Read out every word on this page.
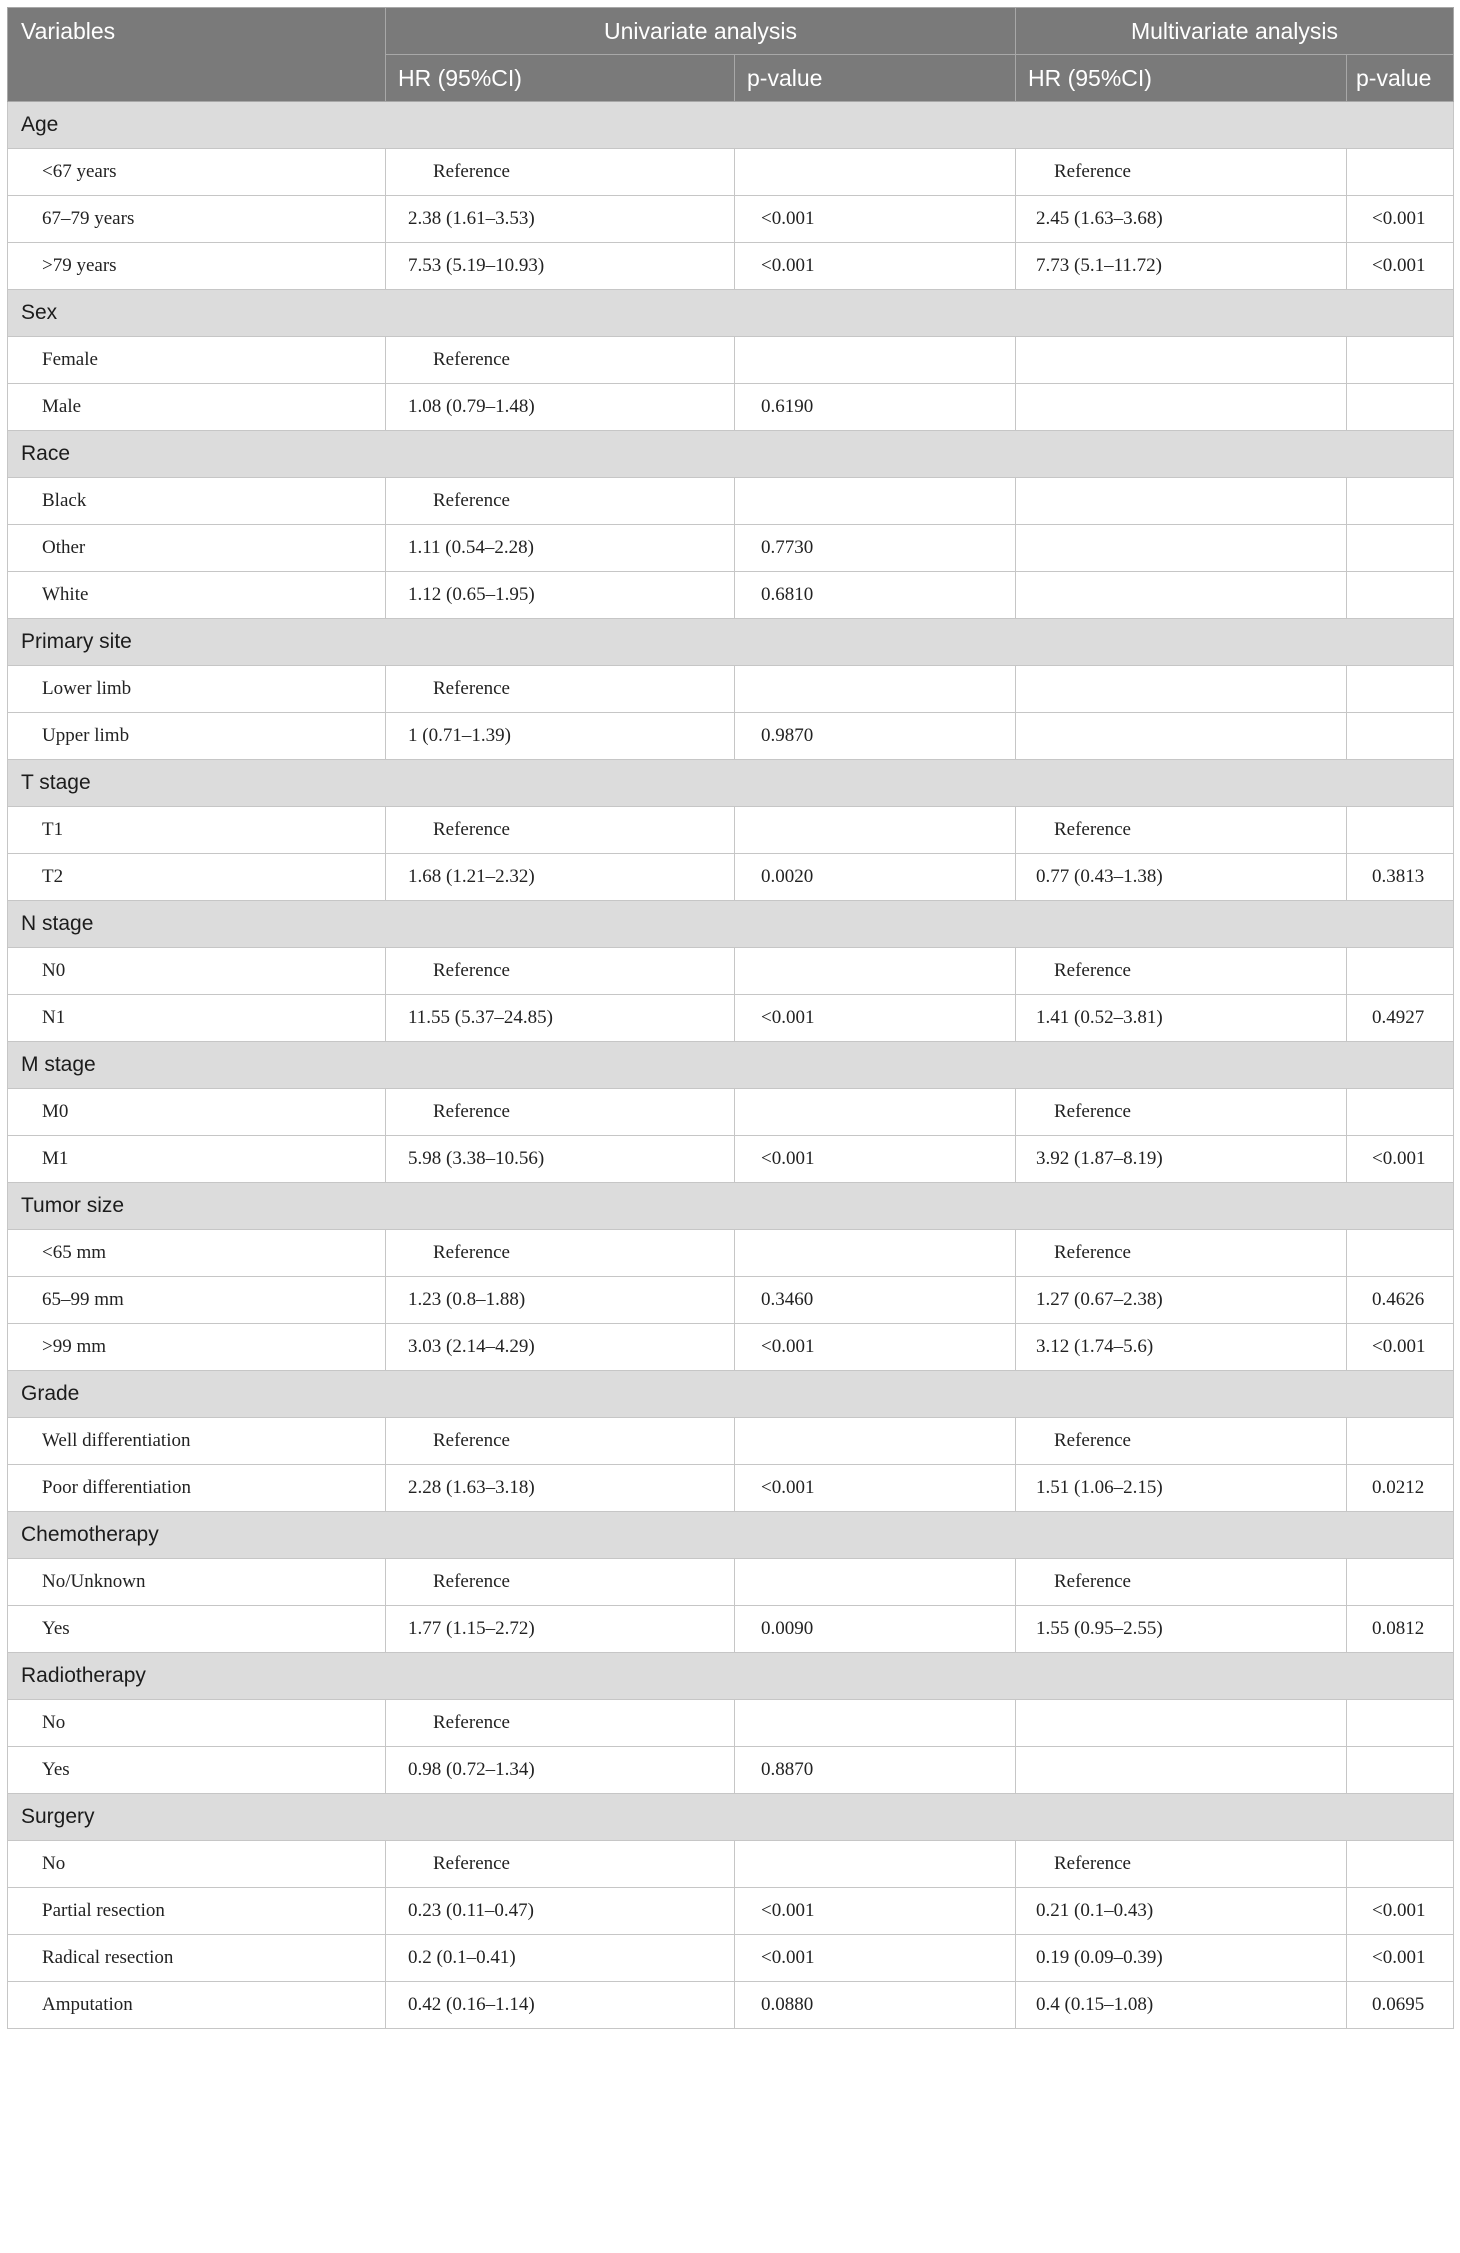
Variables	Univariate analysis		Multivariate analysis	

	HR (95%CI)	p-value	HR (95%CI)	p-value

Age				
<67 years	Reference		Reference	
67–79 years	2.38 (1.61–3.53)	<0.001	2.45 (1.63–3.68)	<0.001
>79 years	7.53 (5.19–10.93)	<0.001	7.73 (5.1–11.72)	<0.001
Sex				
Female	Reference			
Male	1.08 (0.79–1.48)	0.6190		
Race				
Black	Reference			
Other	1.11 (0.54–2.28)	0.7730		
White	1.12 (0.65–1.95)	0.6810		
Primary site				
Lower limb	Reference			
Upper limb	1 (0.71–1.39)	0.9870		
T stage				
T1	Reference		Reference	
T2	1.68 (1.21–2.32)	0.0020	0.77 (0.43–1.38)	0.3813
N stage				
N0	Reference		Reference	
N1	11.55 (5.37–24.85)	<0.001	1.41 (0.52–3.81)	0.4927
M stage				
M0	Reference		Reference	
M1	5.98 (3.38–10.56)	<0.001	3.92 (1.87–8.19)	<0.001
Tumor size				
<65 mm	Reference		Reference	
65–99 mm	1.23 (0.8–1.88)	0.3460	1.27 (0.67–2.38)	0.4626
>99 mm	3.03 (2.14–4.29)	<0.001	3.12 (1.74–5.6)	<0.001
Grade				
Well differentiation	Reference		Reference	
Poor differentiation	2.28 (1.63–3.18)	<0.001	1.51 (1.06–2.15)	0.0212
Chemotherapy				
No/Unknown	Reference		Reference	
Yes	1.77 (1.15–2.72)	0.0090	1.55 (0.95–2.55)	0.0812
Radiotherapy				
No	Reference			
Yes	0.98 (0.72–1.34)	0.8870		
Surgery				
No	Reference		Reference	
Partial resection	0.23 (0.11–0.47)	<0.001	0.21 (0.1–0.43)	<0.001
Radical resection	0.2 (0.1–0.41)	<0.001	0.19 (0.09–0.39)	<0.001
Amputation	0.42 (0.16–1.14)	0.0880	0.4 (0.15–1.08)	0.0695
